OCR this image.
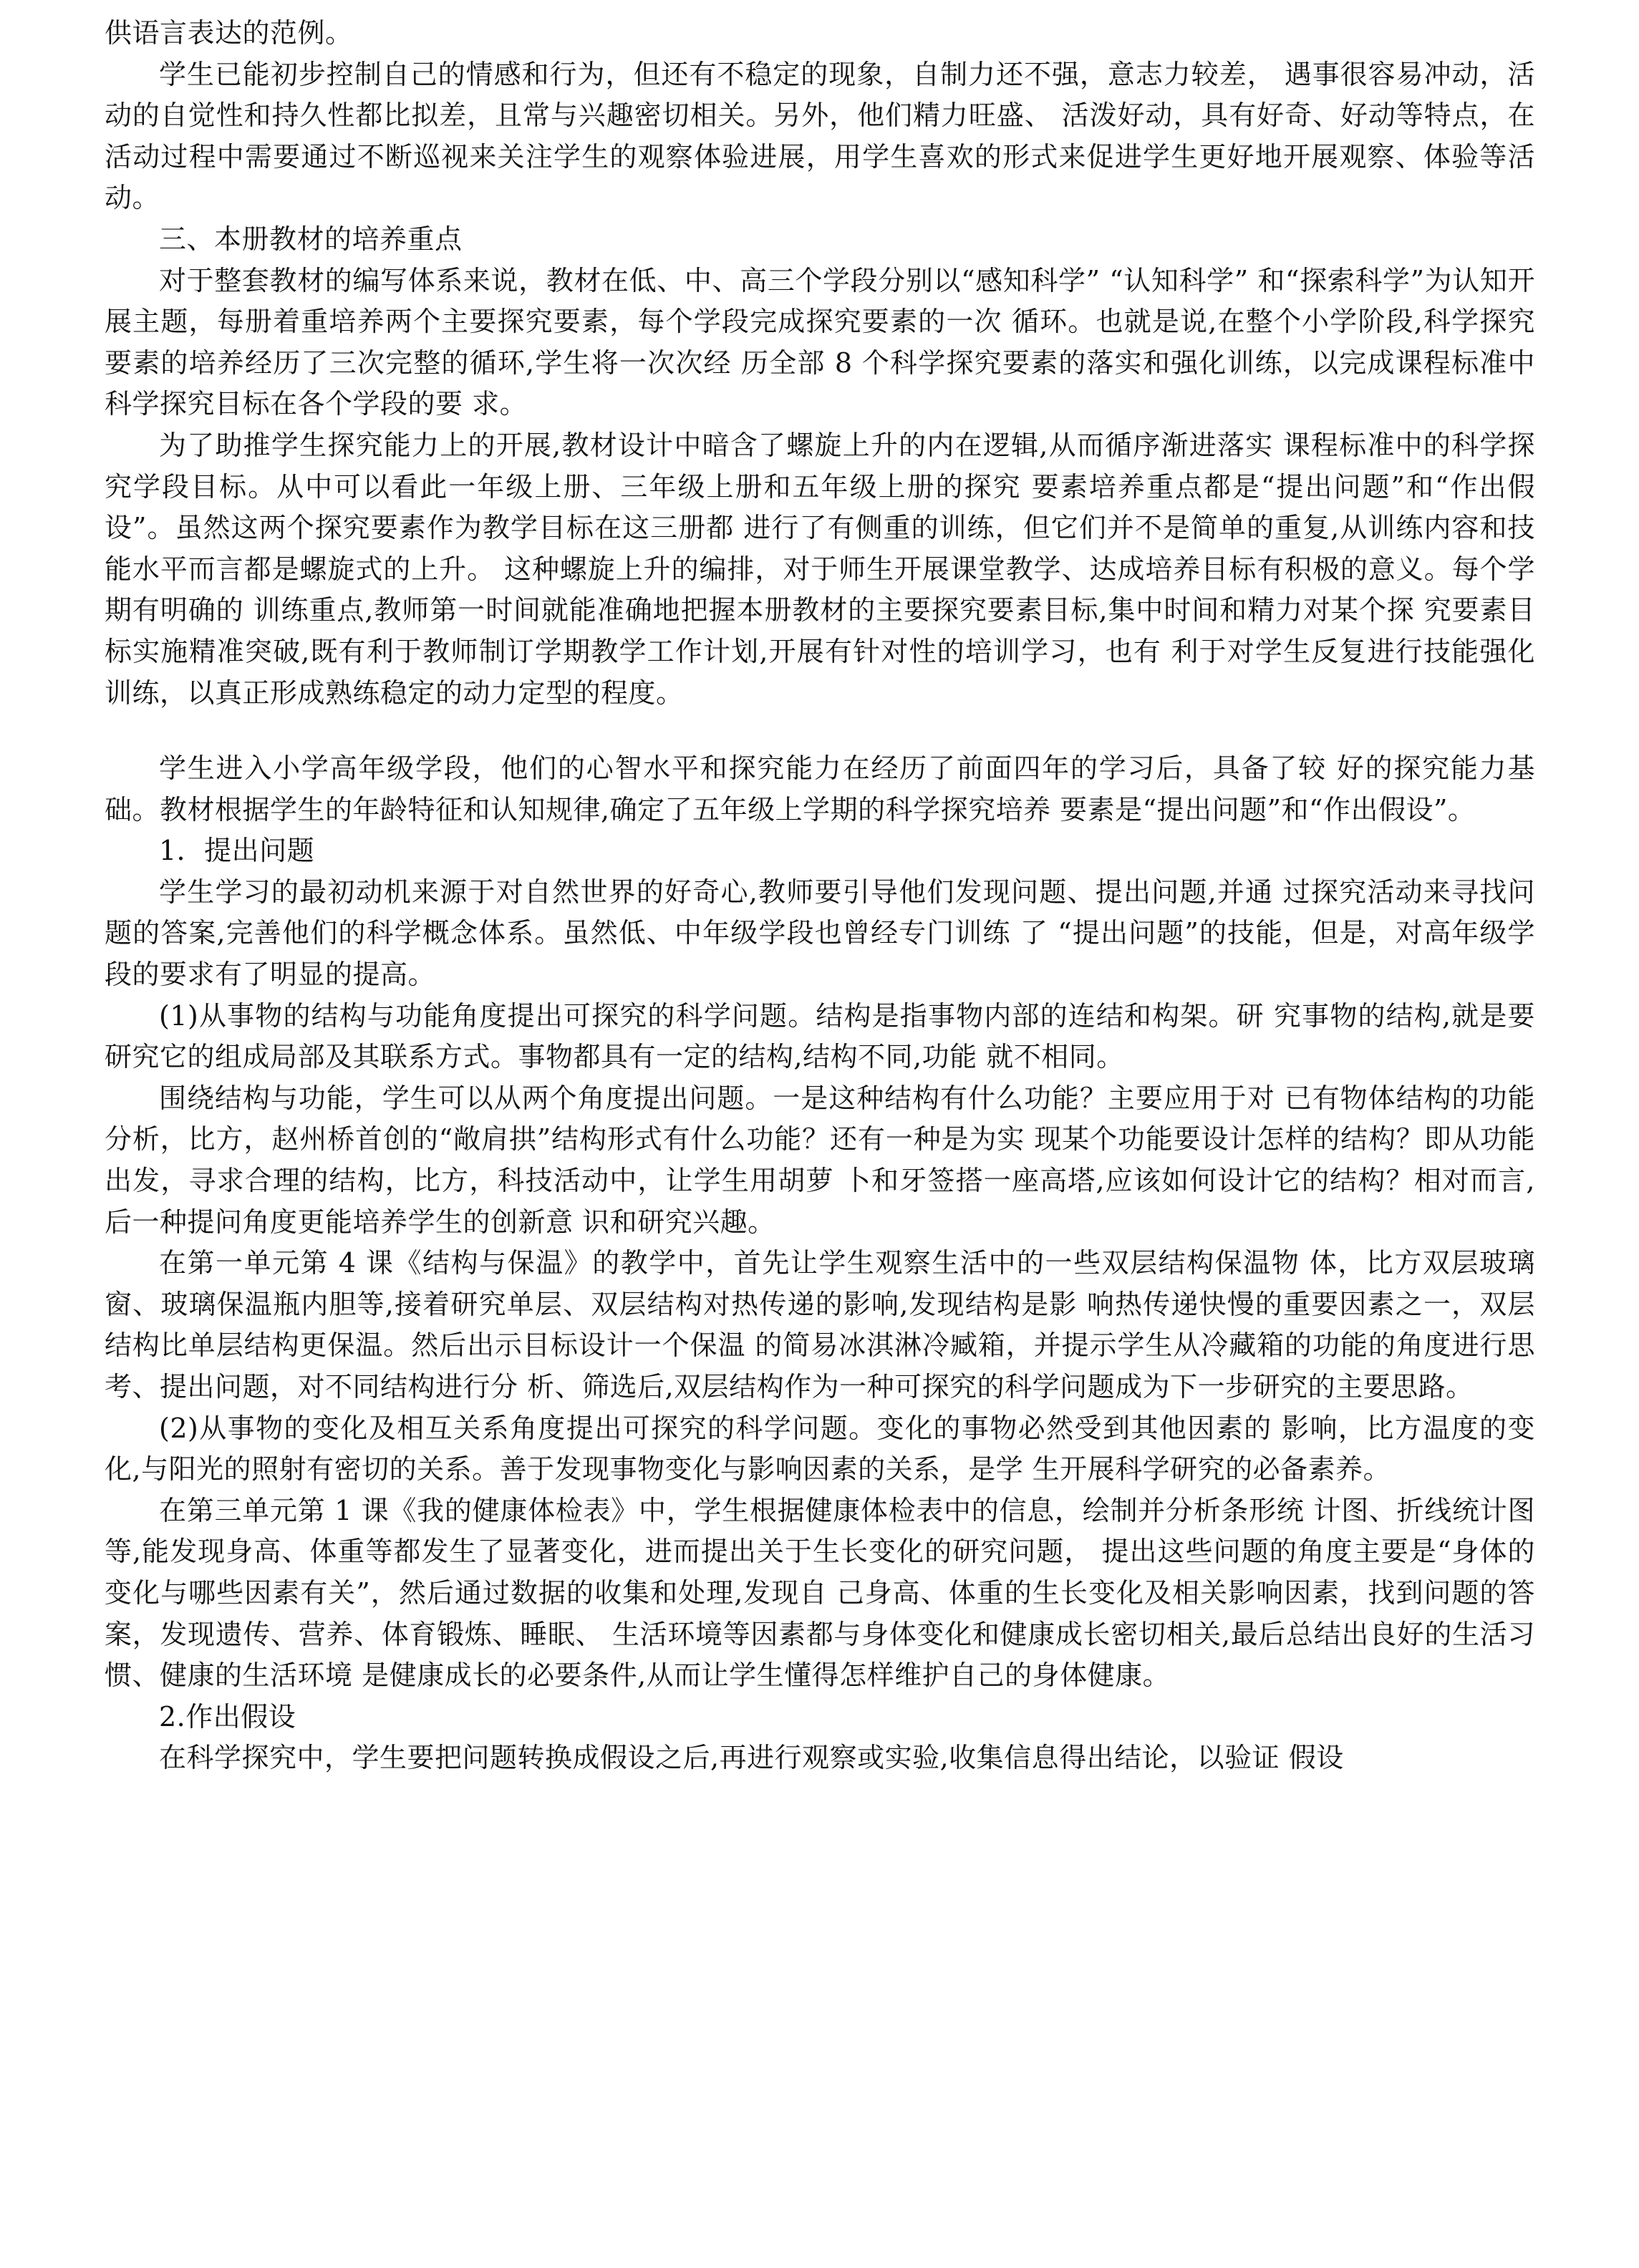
供语言表达的范例。

学生已能初步控制自己的情感和行为，但还有不稳定的现象，自制力还不强，意志力较差， 遇事很容易冲动，活动的自觉性和持久性都比拟差，且常与兴趣密切相关。另外，他们精力旺盛、 活泼好动，具有好奇、好动等特点，在活动过程中需要通过不断巡视来关注学生的观察体验进展，用学生喜欢的形式来促进学生更好地开展观察、体验等活动。

三、本册教材的培养重点

对于整套教材的编写体系来说，教材在低、中、高三个学段分别以“感知科学” “认知科学” 和“探索科学”为认知开展主题，每册着重培养两个主要探究要素，每个学段完成探究要素的一次 循环。也就是说,在整个小学阶段,科学探究要素的培养经历了三次完整的循环,学生将一次次经 历全部 8 个科学探究要素的落实和强化训练，以完成课程标准中科学探究目标在各个学段的要 求。

为了助推学生探究能力上的开展,教材设计中暗含了螺旋上升的内在逻辑,从而循序渐进落实 课程标准中的科学探究学段目标。从中可以看此一年级上册、三年级上册和五年级上册的探究 要素培养重点都是“提出问题”和“作出假设”。虽然这两个探究要素作为教学目标在这三册都 进行了有侧重的训练，但它们并不是简单的重复,从训练内容和技能水平而言都是螺旋式的上升。 这种螺旋上升的编排，对于师生开展课堂教学、达成培养目标有积极的意义。每个学期有明确的 训练重点,教师第一时间就能准确地把握本册教材的主要探究要素目标,集中时间和精力对某个探 究要素目标实施精准突破,既有利于教师制订学期教学工作计划,开展有针对性的培训学习，也有 利于对学生反复进行技能强化训练，以真正形成熟练稳定的动力定型的程度。

学生进入小学高年级学段，他们的心智水平和探究能力在经历了前面四年的学习后，具备了较 好的探究能力基础。教材根据学生的年龄特征和认知规律,确定了五年级上学期的科学探究培养 要素是“提出问题”和“作出假设”。

1．提出问题

学生学习的最初动机来源于对自然世界的好奇心,教师要引导他们发现问题、提出问题,并通 过探究活动来寻找问题的答案,完善他们的科学概念体系。虽然低、中年级学段也曾经专门训练 了 “提出问题”的技能，但是，对高年级学段的要求有了明显的提高。

(1)从事物的结构与功能角度提出可探究的科学问题。结构是指事物内部的连结和构架。研 究事物的结构,就是要研究它的组成局部及其联系方式。事物都具有一定的结构,结构不同,功能 就不相同。

围绕结构与功能，学生可以从两个角度提出问题。一是这种结构有什么功能？主要应用于对 已有物体结构的功能分析，比方，赵州桥首创的“敞肩拱”结构形式有什么功能？还有一种是为实 现某个功能要设计怎样的结构？即从功能出发，寻求合理的结构，比方，科技活动中，让学生用胡萝 卜和牙签搭一座高塔,应该如何设计它的结构？相对而言,后一种提问角度更能培养学生的创新意 识和研究兴趣。

在第一单元第 4 课《结构与保温》的教学中，首先让学生观察生活中的一些双层结构保温物 体，比方双层玻璃窗、玻璃保温瓶内胆等,接着研究单层、双层结构对热传递的影响,发现结构是影 响热传递快慢的重要因素之一，双层结构比单层结构更保温。然后出示目标设计一个保温 的简易冰淇淋冷臧箱，并提示学生从冷藏箱的功能的角度进行思考、提出问题，对不同结构进行分 析、筛选后,双层结构作为一种可探究的科学问题成为下一步研究的主要思路。

(2)从事物的变化及相互关系角度提出可探究的科学问题。变化的事物必然受到其他因素的 影响，比方温度的变化,与阳光的照射有密切的关系。善于发现事物变化与影响因素的关系，是学 生开展科学研究的必备素养。

在第三单元第 1 课《我的健康体检表》中，学生根据健康体检表中的信息，绘制并分析条形统 计图、折线统计图等,能发现身高、体重等都发生了显著变化，进而提出关于生长变化的研究问题， 提出这些问题的角度主要是“身体的变化与哪些因素有关”，然后通过数据的收集和处理,发现自 己身高、体重的生长变化及相关影响因素，找到问题的答案，发现遗传、营养、体育锻炼、睡眠、 生活环境等因素都与身体变化和健康成长密切相关,最后总结出良好的生活习惯、健康的生活环境 是健康成长的必要条件,从而让学生懂得怎样维护自己的身体健康。

2.作出假设

在科学探究中，学生要把问题转换成假设之后,再进行观察或实验,收集信息得出结论，以验证 假设
